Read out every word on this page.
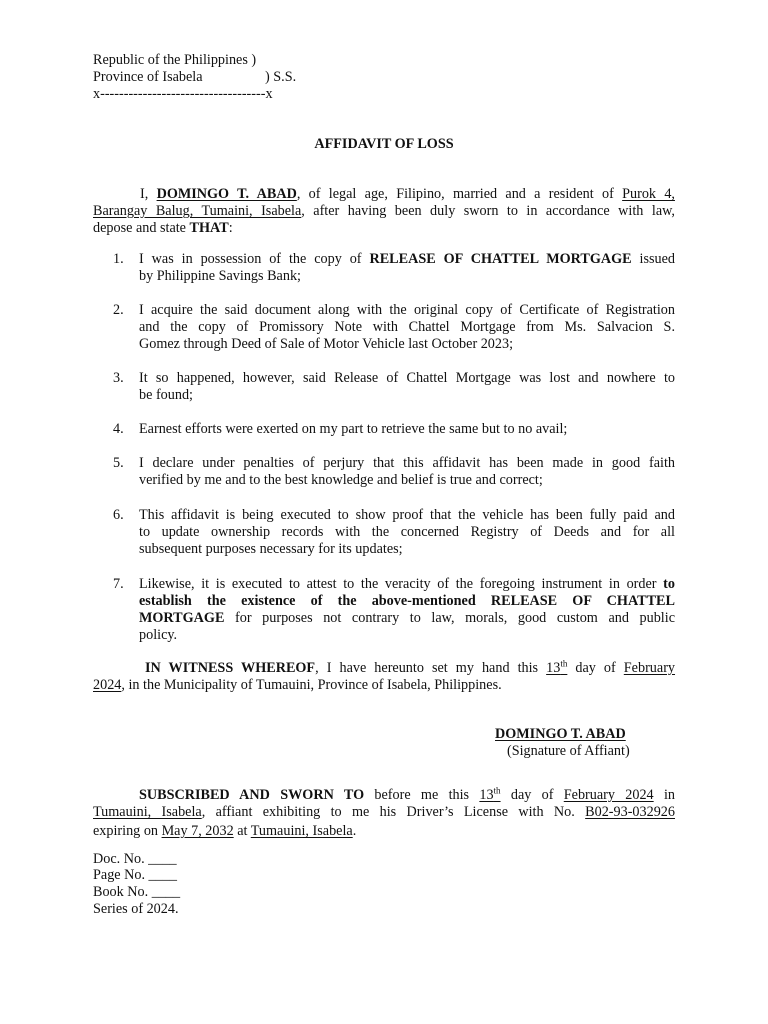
Republic of the Philippines )
Province of Isabela	) S.S.
x-----------------------------------x
AFFIDAVIT OF LOSS
I, DOMINGO T. ABAD, of legal age, Filipino, married and a resident of Purok 4,
Barangay Balug, Tumaini, Isabela, after having been duly sworn to in accordance with law,
depose and state THAT:
1. I was in possession of the copy of RELEASE OF CHATTEL MORTGAGE issued
by Philippine Savings Bank;
2. I acquire the said document along with the original copy of Certificate of Registration
and the copy of Promissory Note with Chattel Mortgage from Ms. Salvacion S.
Gomez through Deed of Sale of Motor Vehicle last October 2023;
3. It so happened, however, said Release of Chattel Mortgage was lost and nowhere to
be found;
4. Earnest efforts were exerted on my part to retrieve the same but to no avail;
5. I declare under penalties of perjury that this affidavit has been made in good faith
verified by me and to the best knowledge and belief is true and correct;
6. This affidavit is being executed to show proof that the vehicle has been fully paid and
to update ownership records with the concerned Registry of Deeds and for all
subsequent purposes necessary for its updates;
7. Likewise, it is executed to attest to the veracity of the foregoing instrument in order to
establish the existence of the above-mentioned RELEASE OF CHATTEL
MORTGAGE for purposes not contrary to law, morals, good custom and public
policy.
IN WITNESS WHEREOF, I have hereunto set my hand this 13th day of February
2024, in the Municipality of Tumauini, Province of Isabela, Philippines.
DOMINGO T. ABAD
(Signature of Affiant)
SUBSCRIBED AND SWORN TO before me this 13th day of February 2024 in
Tumauini, Isabela, affiant exhibiting to me his Driver’s License with No. B02-93-032926
expiring on May 7, 2032 at Tumauini, Isabela.
Doc. No. ____
Page No. ____
Book No. ____
Series of 2024.
